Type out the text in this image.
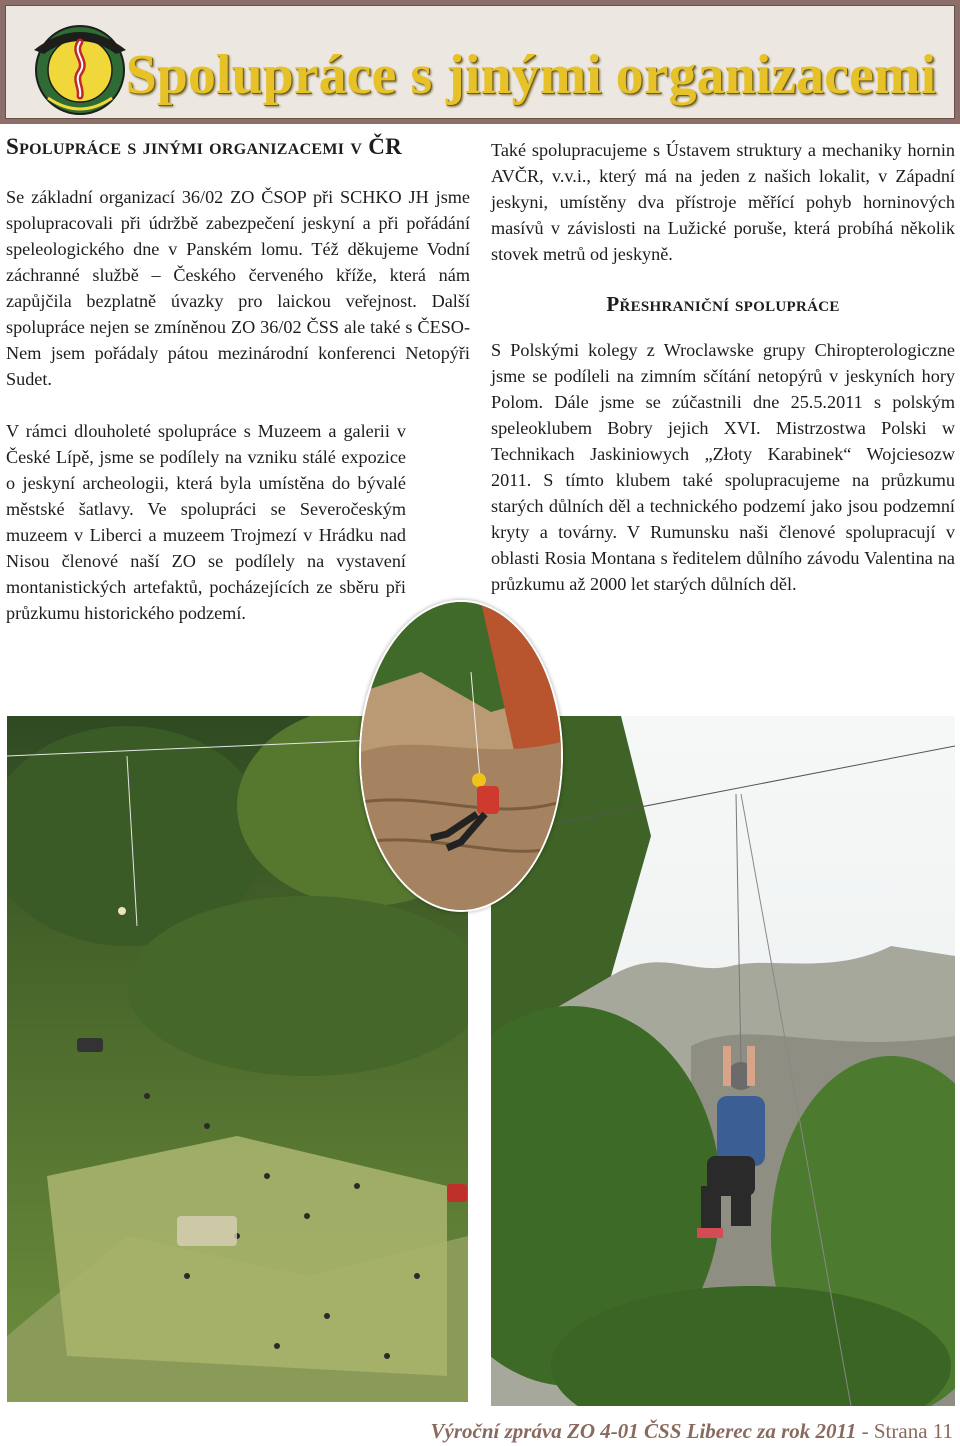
Spolupráce s jinými organizacemi
Spolupráce s jinými organizacemi v ČR

Se základní organizací 36/02 ZO ČSOP při SCHKO JH jsme spolupracovali při údržbě zabezpečení jeskyní a při pořádání speleologického dne v Panském lomu. Též děkujeme Vodní záchranné službě – Českého červeného kříže, která nám zapůjčila bezplatně úvazky pro laickou veřejnost. Další spolupráce nejen se zmíněnou ZO 36/02 ČSS ale také s ČESO-Nem jsem pořádaly pátou mezinárodní konferenci Netopýři Sudet.

V rámci dlouholeté spolupráce s Muzeem a galerii v České Lípě, jsme se podílely na vzniku stálé expozice o jeskyní archeologii, která byla umístěna do bývalé městské šatlavy. Ve spolupráci se Severočeským muzeem v Liberci a muzeem Trojmezí v Hrádku nad Nisou členové naší ZO se podílely na vystavení montanistických artefaktů, pocházejících ze sběru při průzkumu historického podzemí.

Také spolupracujeme s Ústavem struktury a mechaniky hornin AVČR, v.v.i., který má na jeden z našich lokalit, v Západní jeskyni, umístěny dva přístroje měřící pohyb horninových masívů v závislosti na Lužické poruše, která probíhá několik stovek metrů od jeskyně.

Přeshraniční spolupráce

S Polskými kolegy z Wroclawske grupy Chiropterologiczne jsme se podíleli na zimním sčítání netopýrů v jeskyních hory Polom. Dále jsme se zúčastnili dne 25.5.2011 s polským speleoklubem Bobry jejich XVI. Mistrzostwa Polski w Technikach Jaskiniowych „Złoty Karabinek“ Wojciesozw 2011. S tímto klubem také spolupracujeme na průzkumu starých důlních děl a technického podzemí jako jsou podzemní kryty a továrny. V Rumunsku naši členové spolupracují v oblasti Rosia Montana s ředitelem důlního závodu Valentina na průzkumu až 2000 let starých důlních děl.

Výroční zpráva ZO 4-01 ČSS Liberec za rok 2011 - Strana 11
